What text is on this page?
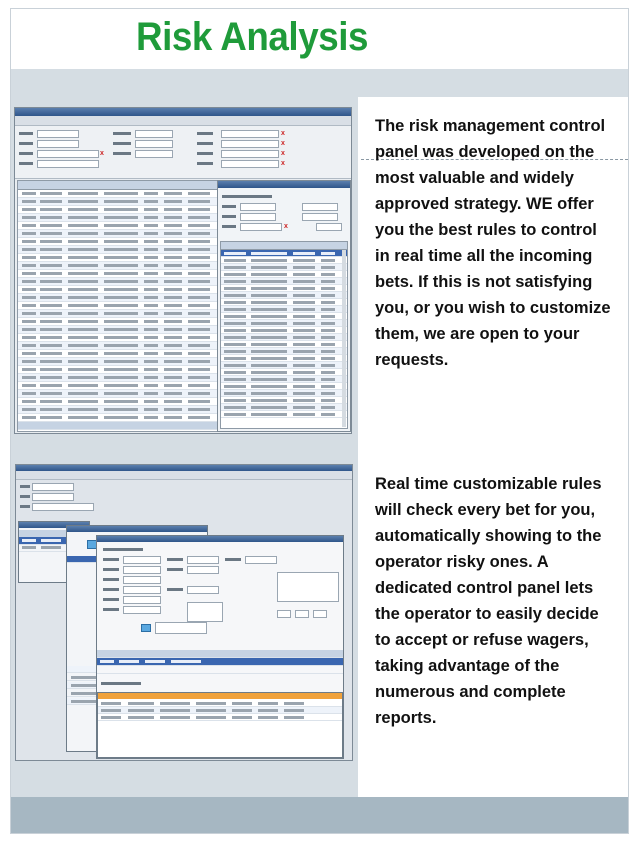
Risk Analysis

The risk management control panel was developed on the most valuable and widely approved strategy. WE offer you the best rules to control in real time all the incoming bets. If this is not satisfying you, or you wish to customize them, we are open to your requests.

Real time customizable rules will check every bet for you, automatically showing to the operator risky ones. A dedicated control panel lets the operator to easily decide to accept or refuse wagers, taking advantage of the numerous and complete reports.

x
x
x
x
x
x
